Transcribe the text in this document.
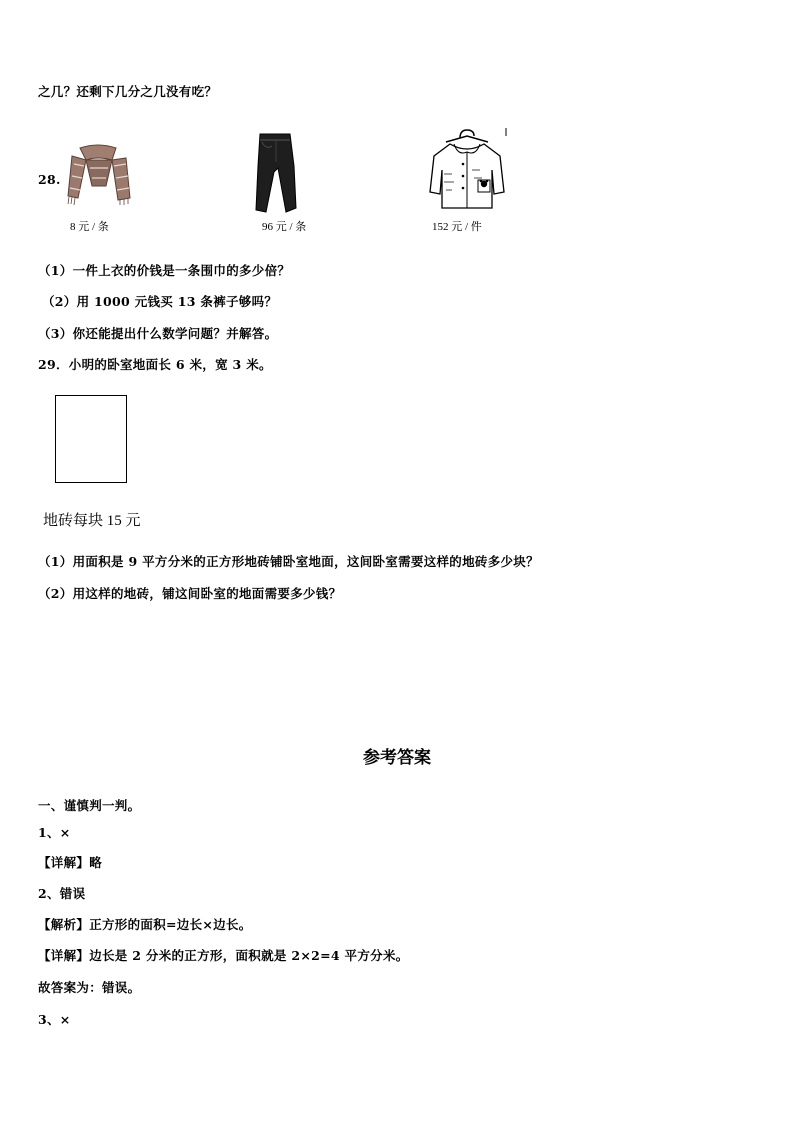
之几？还剩下几分之几没有吃？
28.
8 元 / 条	96 元 / 条	152 元 / 件
（1）一件上衣的价钱是一条围巾的多少倍？
（2）用 1000 元钱买 13 条裤子够吗？
（3）你还能提出什么数学问题？并解答。
29．小明的卧室地面长 6 米，宽 3 米。
地砖每块 15 元
（1）用面积是 9 平方分米的正方形地砖铺卧室地面，这间卧室需要这样的地砖多少块？
（2）用这样的地砖，铺这间卧室的地面需要多少钱？
参考答案
一、谨慎判一判。
1、×
【详解】略
2、错误
【解析】正方形的面积=边长×边长。
【详解】边长是 2 分米的正方形，面积就是 2×2=4 平方分米。
故答案为：错误。
3、×
